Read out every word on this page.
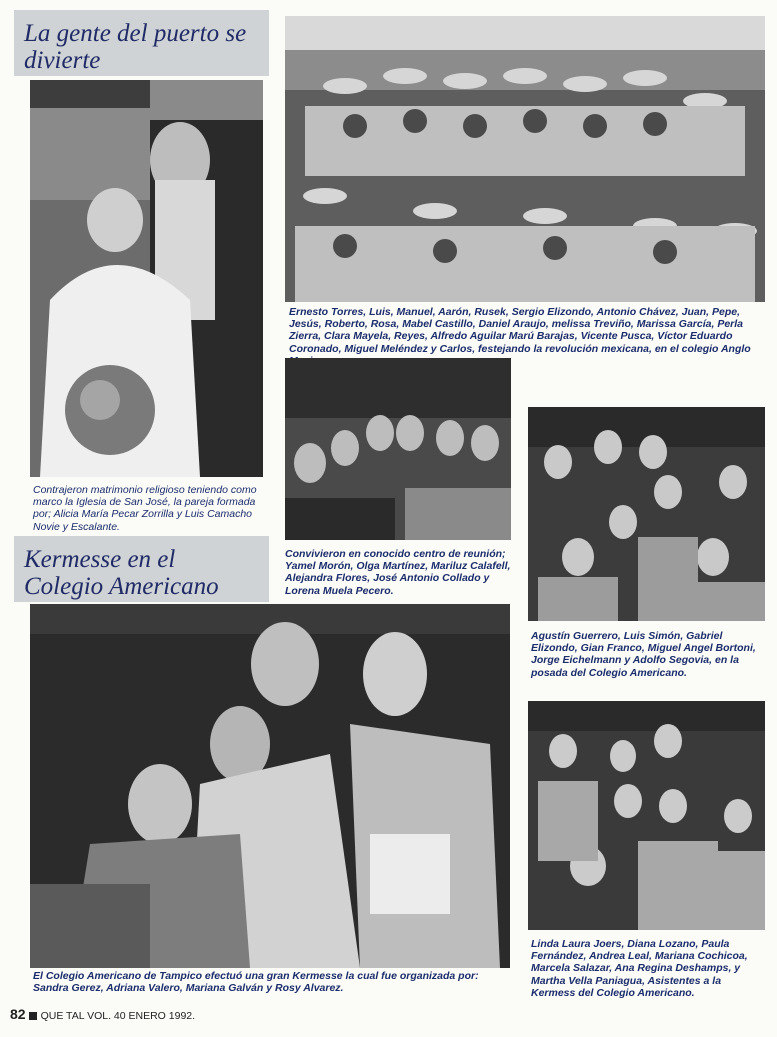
La gente del puerto se divierte

Contrajeron matrimonio religioso teniendo como marco la Iglesia de San José, la pareja formada por; Alicia María Pecar Zorrilla y Luis Camacho Novie y Escalante.

Ernesto Torres, Luis, Manuel, Aarón, Rusek, Sergio Elizondo, Antonio Chávez, Juan, Pepe, Jesús, Roberto, Rosa, Mabel Castillo, Daniel Araujo, melissa Treviño, Marissa García, Perla Zierra, Clara Mayela, Reyes, Alfredo Aguilar Marú Barajas, Vicente Pusca, Víctor Eduardo Coronado, Miguel Meléndez y Carlos, festejando la revolución mexicana, en el colegio Anglo

Convivieron en conocido centro de reunión; Yamel Morón, Olga Martínez, Mariluz Calafell, Alejandra Flores, José Antonio Collado y Lorena Muela Pecero.

Agustín Guerrero, Luis Simón, Gabriel Elizondo, Gian Franco, Miguel Angel Bortoni, Jorge Eichelmann y Adolfo Segovia, en la posada del Colegio Americano.

Kermesse en el Colegio Americano

El Colegio Americano de Tampico efectuó una gran Kermesse la cual fue organizada por: Sandra Gerez, Adriana Valero, Mariana Galván y Rosy Alvarez.

Linda Laura Joers, Diana Lozano, Paula Fernández, Andrea Leal, Mariana Cochicoa, Marcela Salazar, Ana Regina Deshamps, y Martha Vella Paniagua, Asistentes a la Kermess del Colegio Americano.

82 QUE TAL VOL. 40 ENERO 1992.
